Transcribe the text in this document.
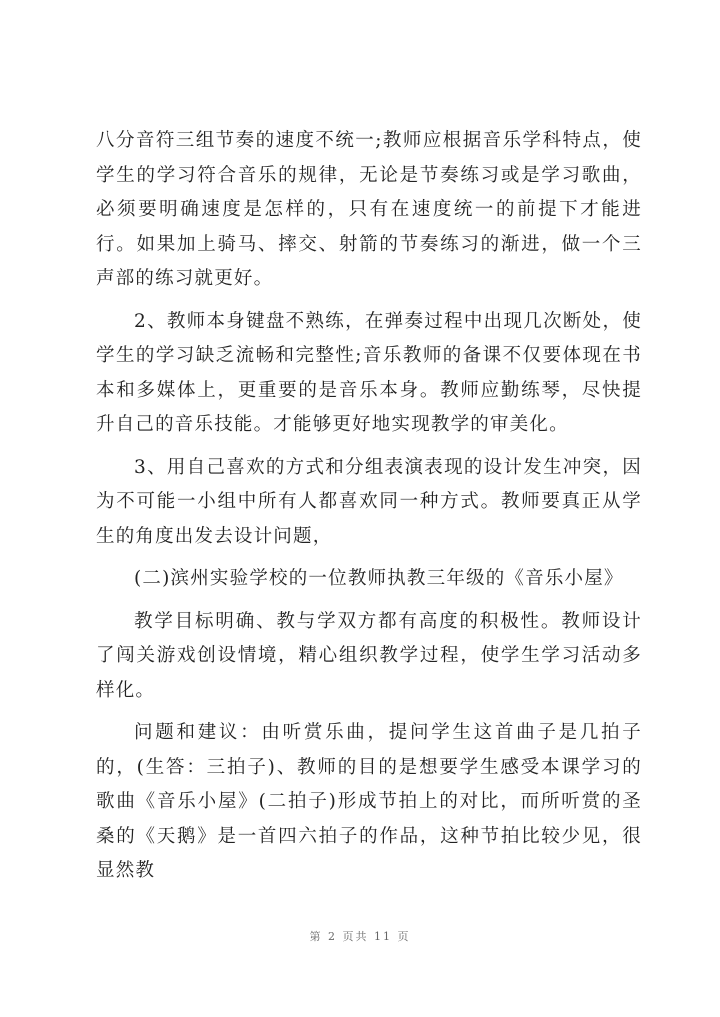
八分音符三组节奏的速度不统一;教师应根据音乐学科特点，使学生的学习符合音乐的规律，无论是节奏练习或是学习歌曲，必须要明确速度是怎样的，只有在速度统一的前提下才能进行。如果加上骑马、摔交、射箭的节奏练习的渐进，做一个三声部的练习就更好。

2、教师本身键盘不熟练，在弹奏过程中出现几次断处，使学生的学习缺乏流畅和完整性;音乐教师的备课不仅要体现在书本和多媒体上，更重要的是音乐本身。教师应勤练琴，尽快提升自己的音乐技能。才能够更好地实现教学的审美化。

3、用自己喜欢的方式和分组表演表现的设计发生冲突，因为不可能一小组中所有人都喜欢同一种方式。教师要真正从学生的角度出发去设计问题，

(二)滨州实验学校的一位教师执教三年级的《音乐小屋》

教学目标明确、教与学双方都有高度的积极性。教师设计了闯关游戏创设情境，精心组织教学过程，使学生学习活动多样化。

问题和建议：由听赏乐曲，提问学生这首曲子是几拍子的，(生答：三拍子)、教师的目的是想要学生感受本课学习的歌曲《音乐小屋》(二拍子)形成节拍上的对比，而所听赏的圣桑的《天鹅》是一首四六拍子的作品，这种节拍比较少见，很显然教

第 2 页共 11 页
